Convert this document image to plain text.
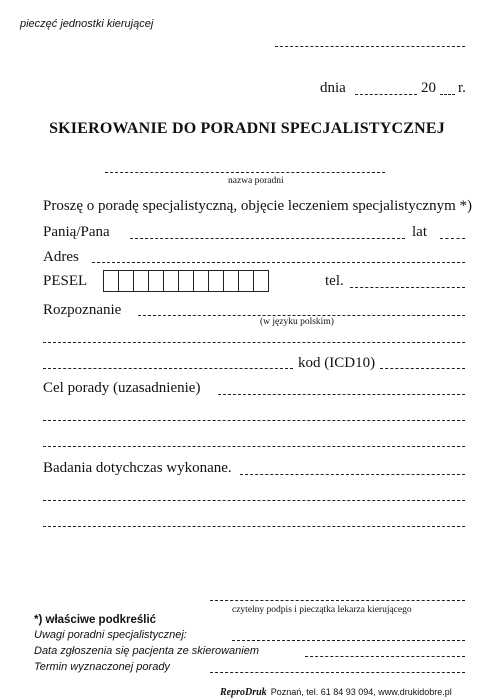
pieczęć jednostki kierującej
dnia	20 r.
SKIEROWANIE DO PORADNI SPECJALISTYCZNEJ
nazwa poradni
Proszę o poradę specjalistyczną, objęcie leczeniem specjalistycznym *)
Panią/Pana	lat
Adres
PESEL	tel.
Rozpoznanie
(w języku polskim)
kod (ICD10)
Cel porady (uzasadnienie)
Badania dotychczas wykonane.
czytelny podpis i pieczątka lekarza kierującego
*) właściwe podkreślić
Uwagi poradni specjalistycznej:
Data zgłoszenia się pacjenta ze skierowaniem
Termin wyznaczonej porady
ReproDruk Poznań, tel. 61 84 93 094, www.drukidobre.pl
